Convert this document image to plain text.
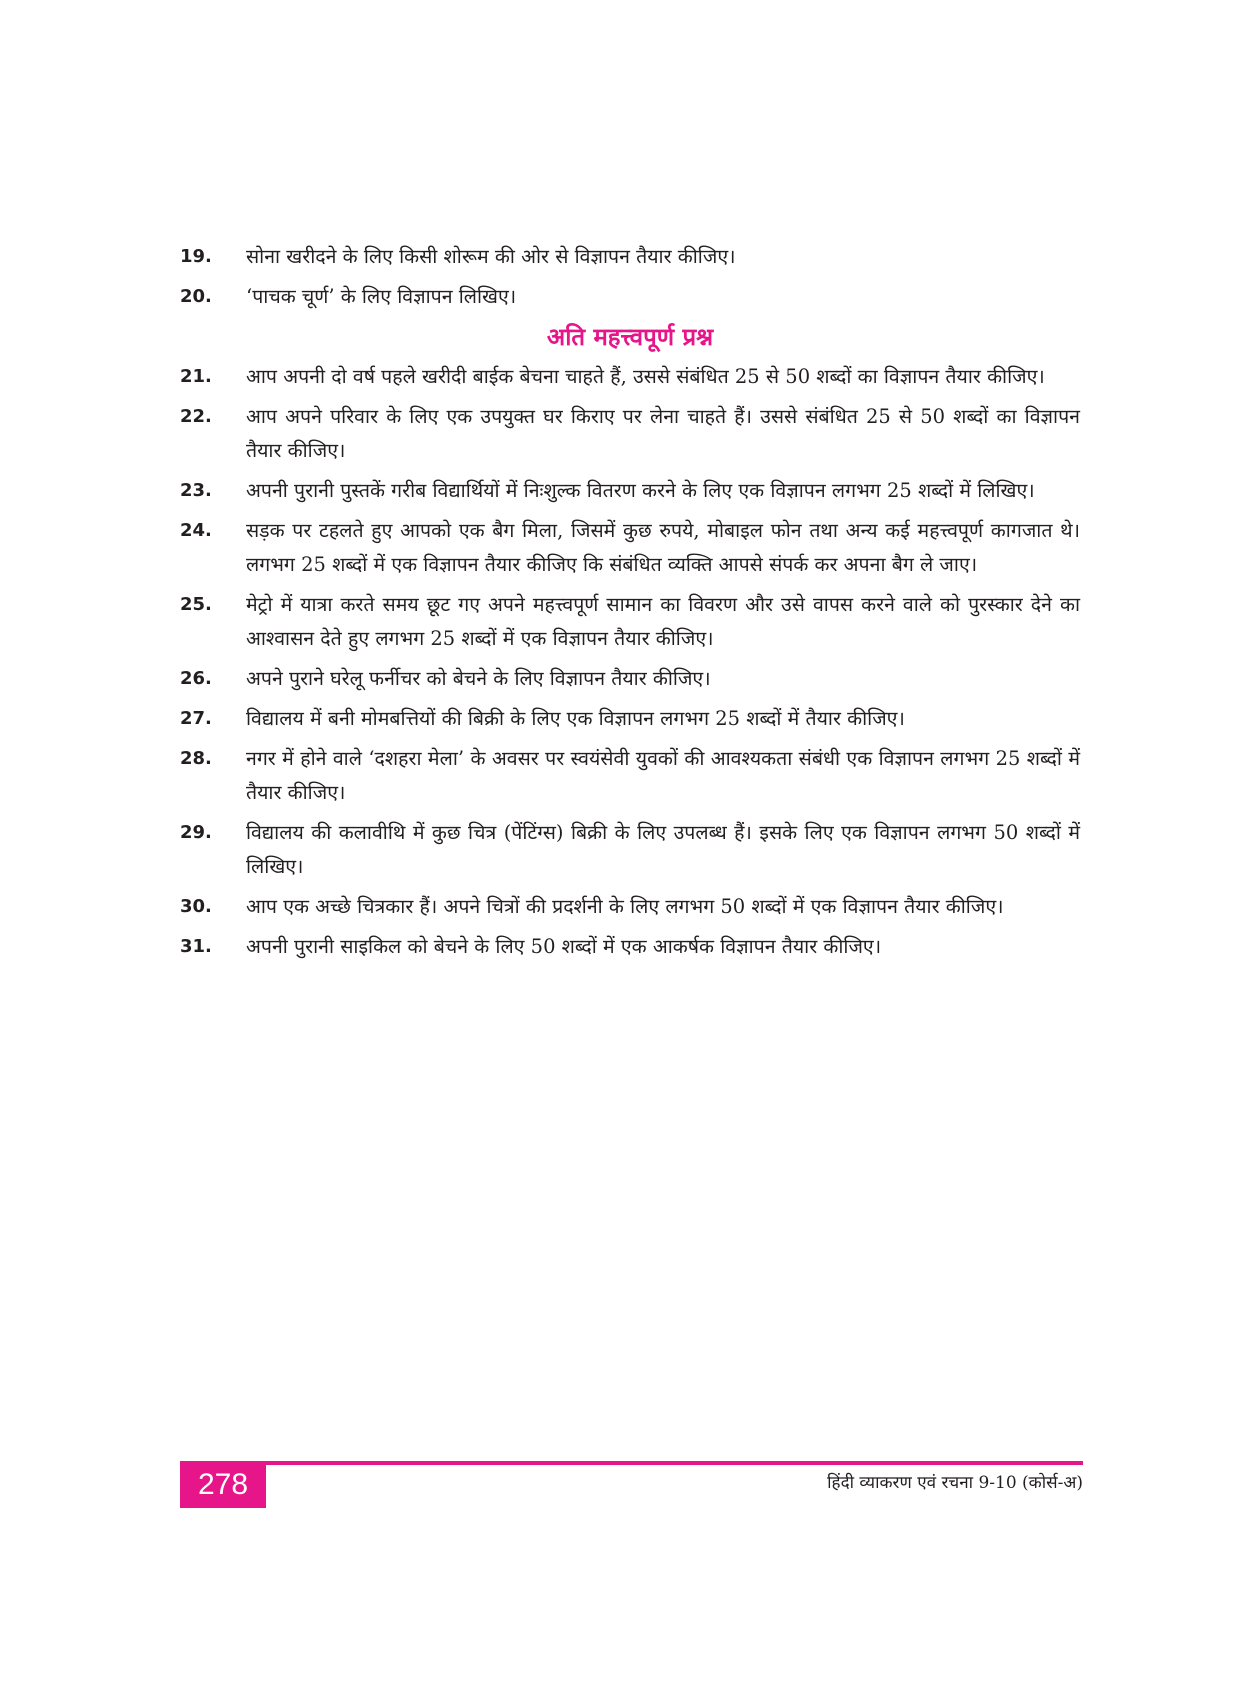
19.	सोना खरीदने के लिए किसी शोरूम की ओर से विज्ञापन तैयार कीजिए।
20.	‘पाचक चूर्ण’ के लिए विज्ञापन लिखिए।
अति महत्त्वपूर्ण प्रश्न
21.	आप अपनी दो वर्ष पहले खरीदी बाईक बेचना चाहते हैं, उससे संबंधित 25 से 50 शब्दों का विज्ञापन तैयार कीजिए।
22.	आप अपने परिवार के लिए एक उपयुक्त घर किराए पर लेना चाहते हैं। उससे संबंधित 25 से 50 शब्दों का विज्ञापन तैयार कीजिए।
23.	अपनी पुरानी पुस्तकें गरीब विद्यार्थियों में निःशुल्क वितरण करने के लिए एक विज्ञापन लगभग 25 शब्दों में लिखिए।
24.	सड़क पर टहलते हुए आपको एक बैग मिला, जिसमें कुछ रुपये, मोबाइल फोन तथा अन्य कई महत्त्वपूर्ण कागजात थे। लगभग 25 शब्दों में एक विज्ञापन तैयार कीजिए कि संबंधित व्यक्ति आपसे संपर्क कर अपना बैग ले जाए।
25.	मेट्रो में यात्रा करते समय छूट गए अपने महत्त्वपूर्ण सामान का विवरण और उसे वापस करने वाले को पुरस्कार देने का आश्वासन देते हुए लगभग 25 शब्दों में एक विज्ञापन तैयार कीजिए।
26.	अपने पुराने घरेलू फर्नीचर को बेचने के लिए विज्ञापन तैयार कीजिए।
27.	विद्यालय में बनी मोमबत्तियों की बिक्री के लिए एक विज्ञापन लगभग 25 शब्दों में तैयार कीजिए।
28.	नगर में होने वाले ‘दशहरा मेला’ के अवसर पर स्वयंसेवी युवकों की आवश्यकता संबंधी एक विज्ञापन लगभग 25 शब्दों में तैयार कीजिए।
29.	विद्यालय की कलावीथि में कुछ चित्र (पेंटिंग्स) बिक्री के लिए उपलब्ध हैं। इसके लिए एक विज्ञापन लगभग 50 शब्दों में लिखिए।
30.	आप एक अच्छे चित्रकार हैं। अपने चित्रों की प्रदर्शनी के लिए लगभग 50 शब्दों में एक विज्ञापन तैयार कीजिए।
31.	अपनी पुरानी साइकिल को बेचने के लिए 50 शब्दों में एक आकर्षक विज्ञापन तैयार कीजिए।
278	हिंदी व्याकरण एवं रचना 9-10 (कोर्स-अ)
